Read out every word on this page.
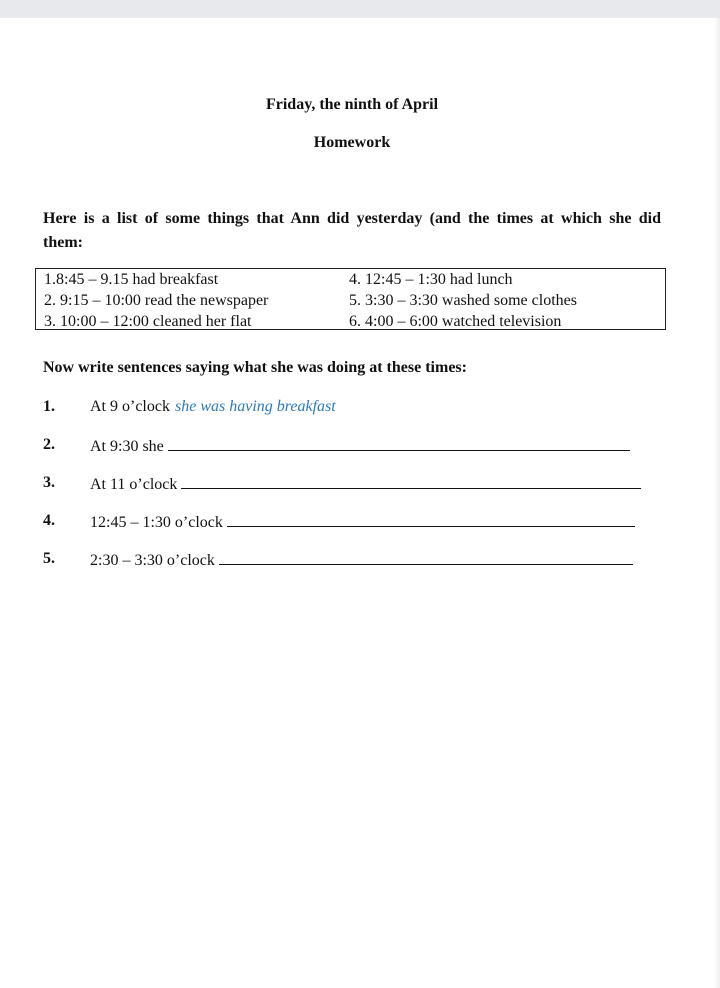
Friday, the ninth of April
Homework
Here is a list of some things that Ann did yesterday (and the times at which she did them:
1.8:45 – 9.15 had breakfast
2. 9:15 – 10:00 read the newspaper
3. 10:00 – 12:00 cleaned her flat
4. 12:45 – 1:30 had lunch
5. 3:30 – 3:30 washed some clothes
6. 4:00 – 6:00 watched television
Now write sentences saying what she was doing at these times:
1. At 9 o’clock she was having breakfast
2. At 9:30 she
3. At 11 o’clock
4. 12:45 – 1:30 o’clock
5. 2:30 – 3:30 o’clock
